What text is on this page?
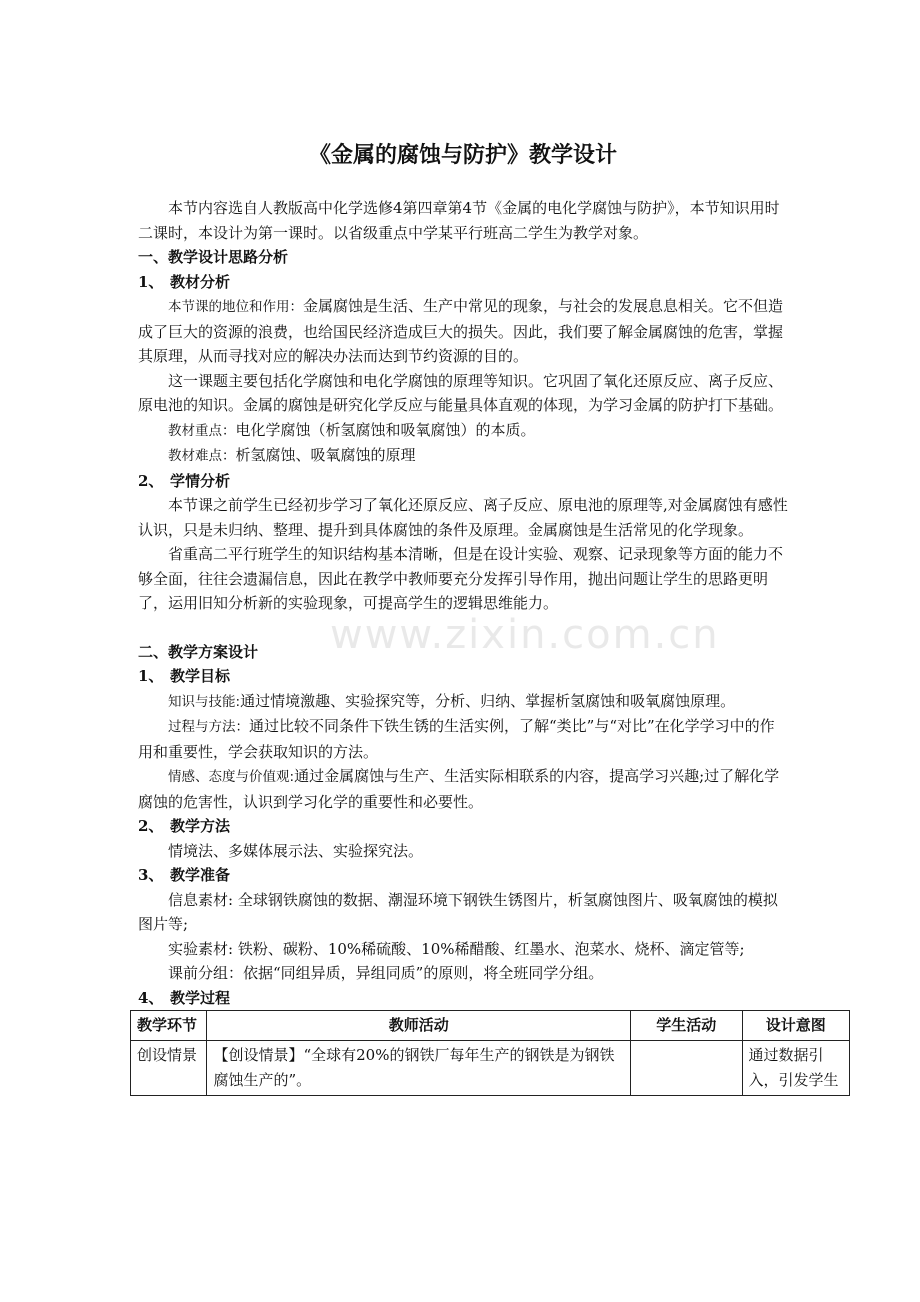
www.zixin.com.cn

《金属的腐蚀与防护》教学设计

本节内容选自人教版高中化学选修4第四章第4节《金属的电化学腐蚀与防护》，本节知识用时二课时，本设计为第一课时。以省级重点中学某平行班高二学生为教学对象。

一、教学设计思路分析

1、 教材分析

本节课的地位和作用：金属腐蚀是生活、生产中常见的现象，与社会的发展息息相关。它不但造成了巨大的资源的浪费，也给国民经济造成巨大的损失。因此，我们要了解金属腐蚀的危害，掌握其原理，从而寻找对应的解决办法而达到节约资源的目的。

这一课题主要包括化学腐蚀和电化学腐蚀的原理等知识。它巩固了氧化还原反应、离子反应、原电池的知识。金属的腐蚀是研究化学反应与能量具体直观的体现，为学习金属的防护打下基础。

教材重点：电化学腐蚀（析氢腐蚀和吸氧腐蚀）的本质。

教材难点：析氢腐蚀、吸氧腐蚀的原理

2、 学情分析

本节课之前学生已经初步学习了氧化还原反应、离子反应、原电池的原理等,对金属腐蚀有感性认识，只是未归纳、整理、提升到具体腐蚀的条件及原理。金属腐蚀是生活常见的化学现象。

省重高二平行班学生的知识结构基本清晰，但是在设计实验、观察、记录现象等方面的能力不够全面，往往会遗漏信息，因此在教学中教师要充分发挥引导作用，抛出问题让学生的思路更明了，运用旧知分析新的实验现象，可提高学生的逻辑思维能力。

二、教学方案设计

1、 教学目标

知识与技能:通过情境激趣、实验探究等，分析、归纳、掌握析氢腐蚀和吸氧腐蚀原理。

过程与方法：通过比较不同条件下铁生锈的生活实例，了解“类比”与“对比”在化学学习中的作用和重要性，学会获取知识的方法。

情感、态度与价值观:通过金属腐蚀与生产、生活实际相联系的内容，提高学习兴趣;过了解化学腐蚀的危害性，认识到学习化学的重要性和必要性。

2、 教学方法

情境法、多媒体展示法、实验探究法。

3、 教学准备

信息素材: 全球钢铁腐蚀的数据、潮湿环境下钢铁生锈图片，析氢腐蚀图片、吸氧腐蚀的模拟图片等;

实验素材: 铁粉、碳粉、10%稀硫酸、10%稀醋酸、红墨水、泡菜水、烧杯、滴定管等;

课前分组：依据“同组异质，异组同质”的原则，将全班同学分组。

4、 教学过程

教学环节	教师活动	学生活动	设计意图
创设情景	【创设情景】“全球有20%的钢铁厂每年生产的钢铁是为钢铁腐蚀生产的”。		通过数据引入，引发学生
